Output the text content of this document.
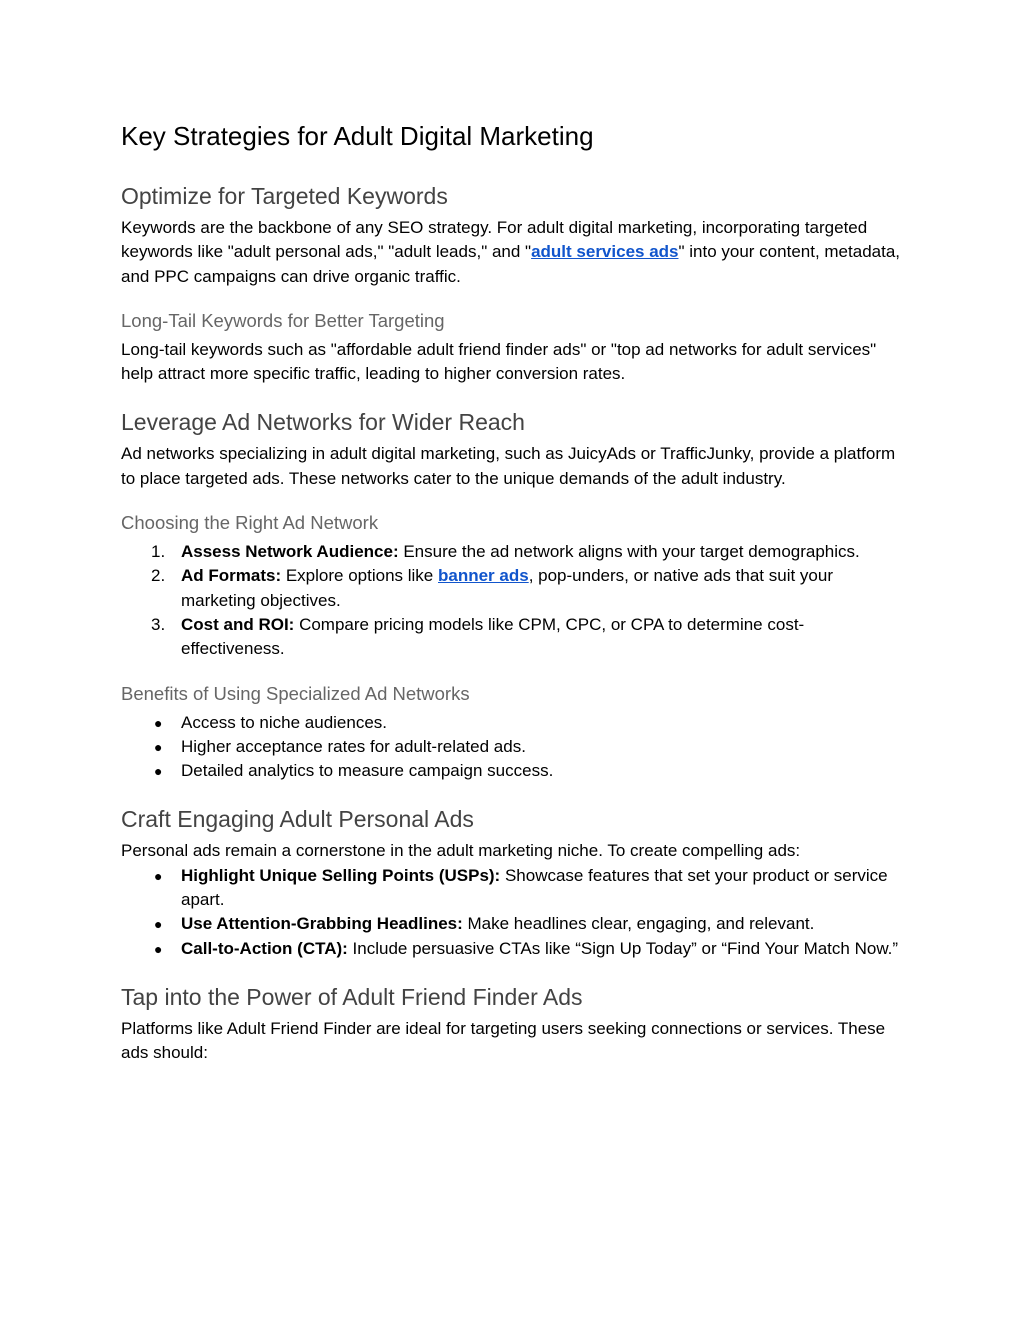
Key Strategies for Adult Digital Marketing
Optimize for Targeted Keywords

Keywords are the backbone of any SEO strategy. For adult digital marketing, incorporating targeted keywords like "adult personal ads," "adult leads," and "adult services ads" into your content, metadata, and PPC campaigns can drive organic traffic.

Long-Tail Keywords for Better Targeting

Long-tail keywords such as "affordable adult friend finder ads" or "top ad networks for adult services" help attract more specific traffic, leading to higher conversion rates.

Leverage Ad Networks for Wider Reach

Ad networks specializing in adult digital marketing, such as JuicyAds or TrafficJunky, provide a platform to place targeted ads. These networks cater to the unique demands of the adult industry.

Choosing the Right Ad Network
1. Assess Network Audience: Ensure the ad network aligns with your target demographics.
2. Ad Formats: Explore options like banner ads, pop-unders, or native ads that suit your marketing objectives.
3. Cost and ROI: Compare pricing models like CPM, CPC, or CPA to determine cost-effectiveness.
Benefits of Using Specialized Ad Networks
● Access to niche audiences.
● Higher acceptance rates for adult-related ads.
● Detailed analytics to measure campaign success.
Craft Engaging Adult Personal Ads

Personal ads remain a cornerstone in the adult marketing niche. To create compelling ads:

● Highlight Unique Selling Points (USPs): Showcase features that set your product or service apart.
● Use Attention-Grabbing Headlines: Make headlines clear, engaging, and relevant.
● Call-to-Action (CTA): Include persuasive CTAs like “Sign Up Today” or “Find Your Match Now.”
Tap into the Power of Adult Friend Finder Ads

Platforms like Adult Friend Finder are ideal for targeting users seeking connections or services. These ads should:
